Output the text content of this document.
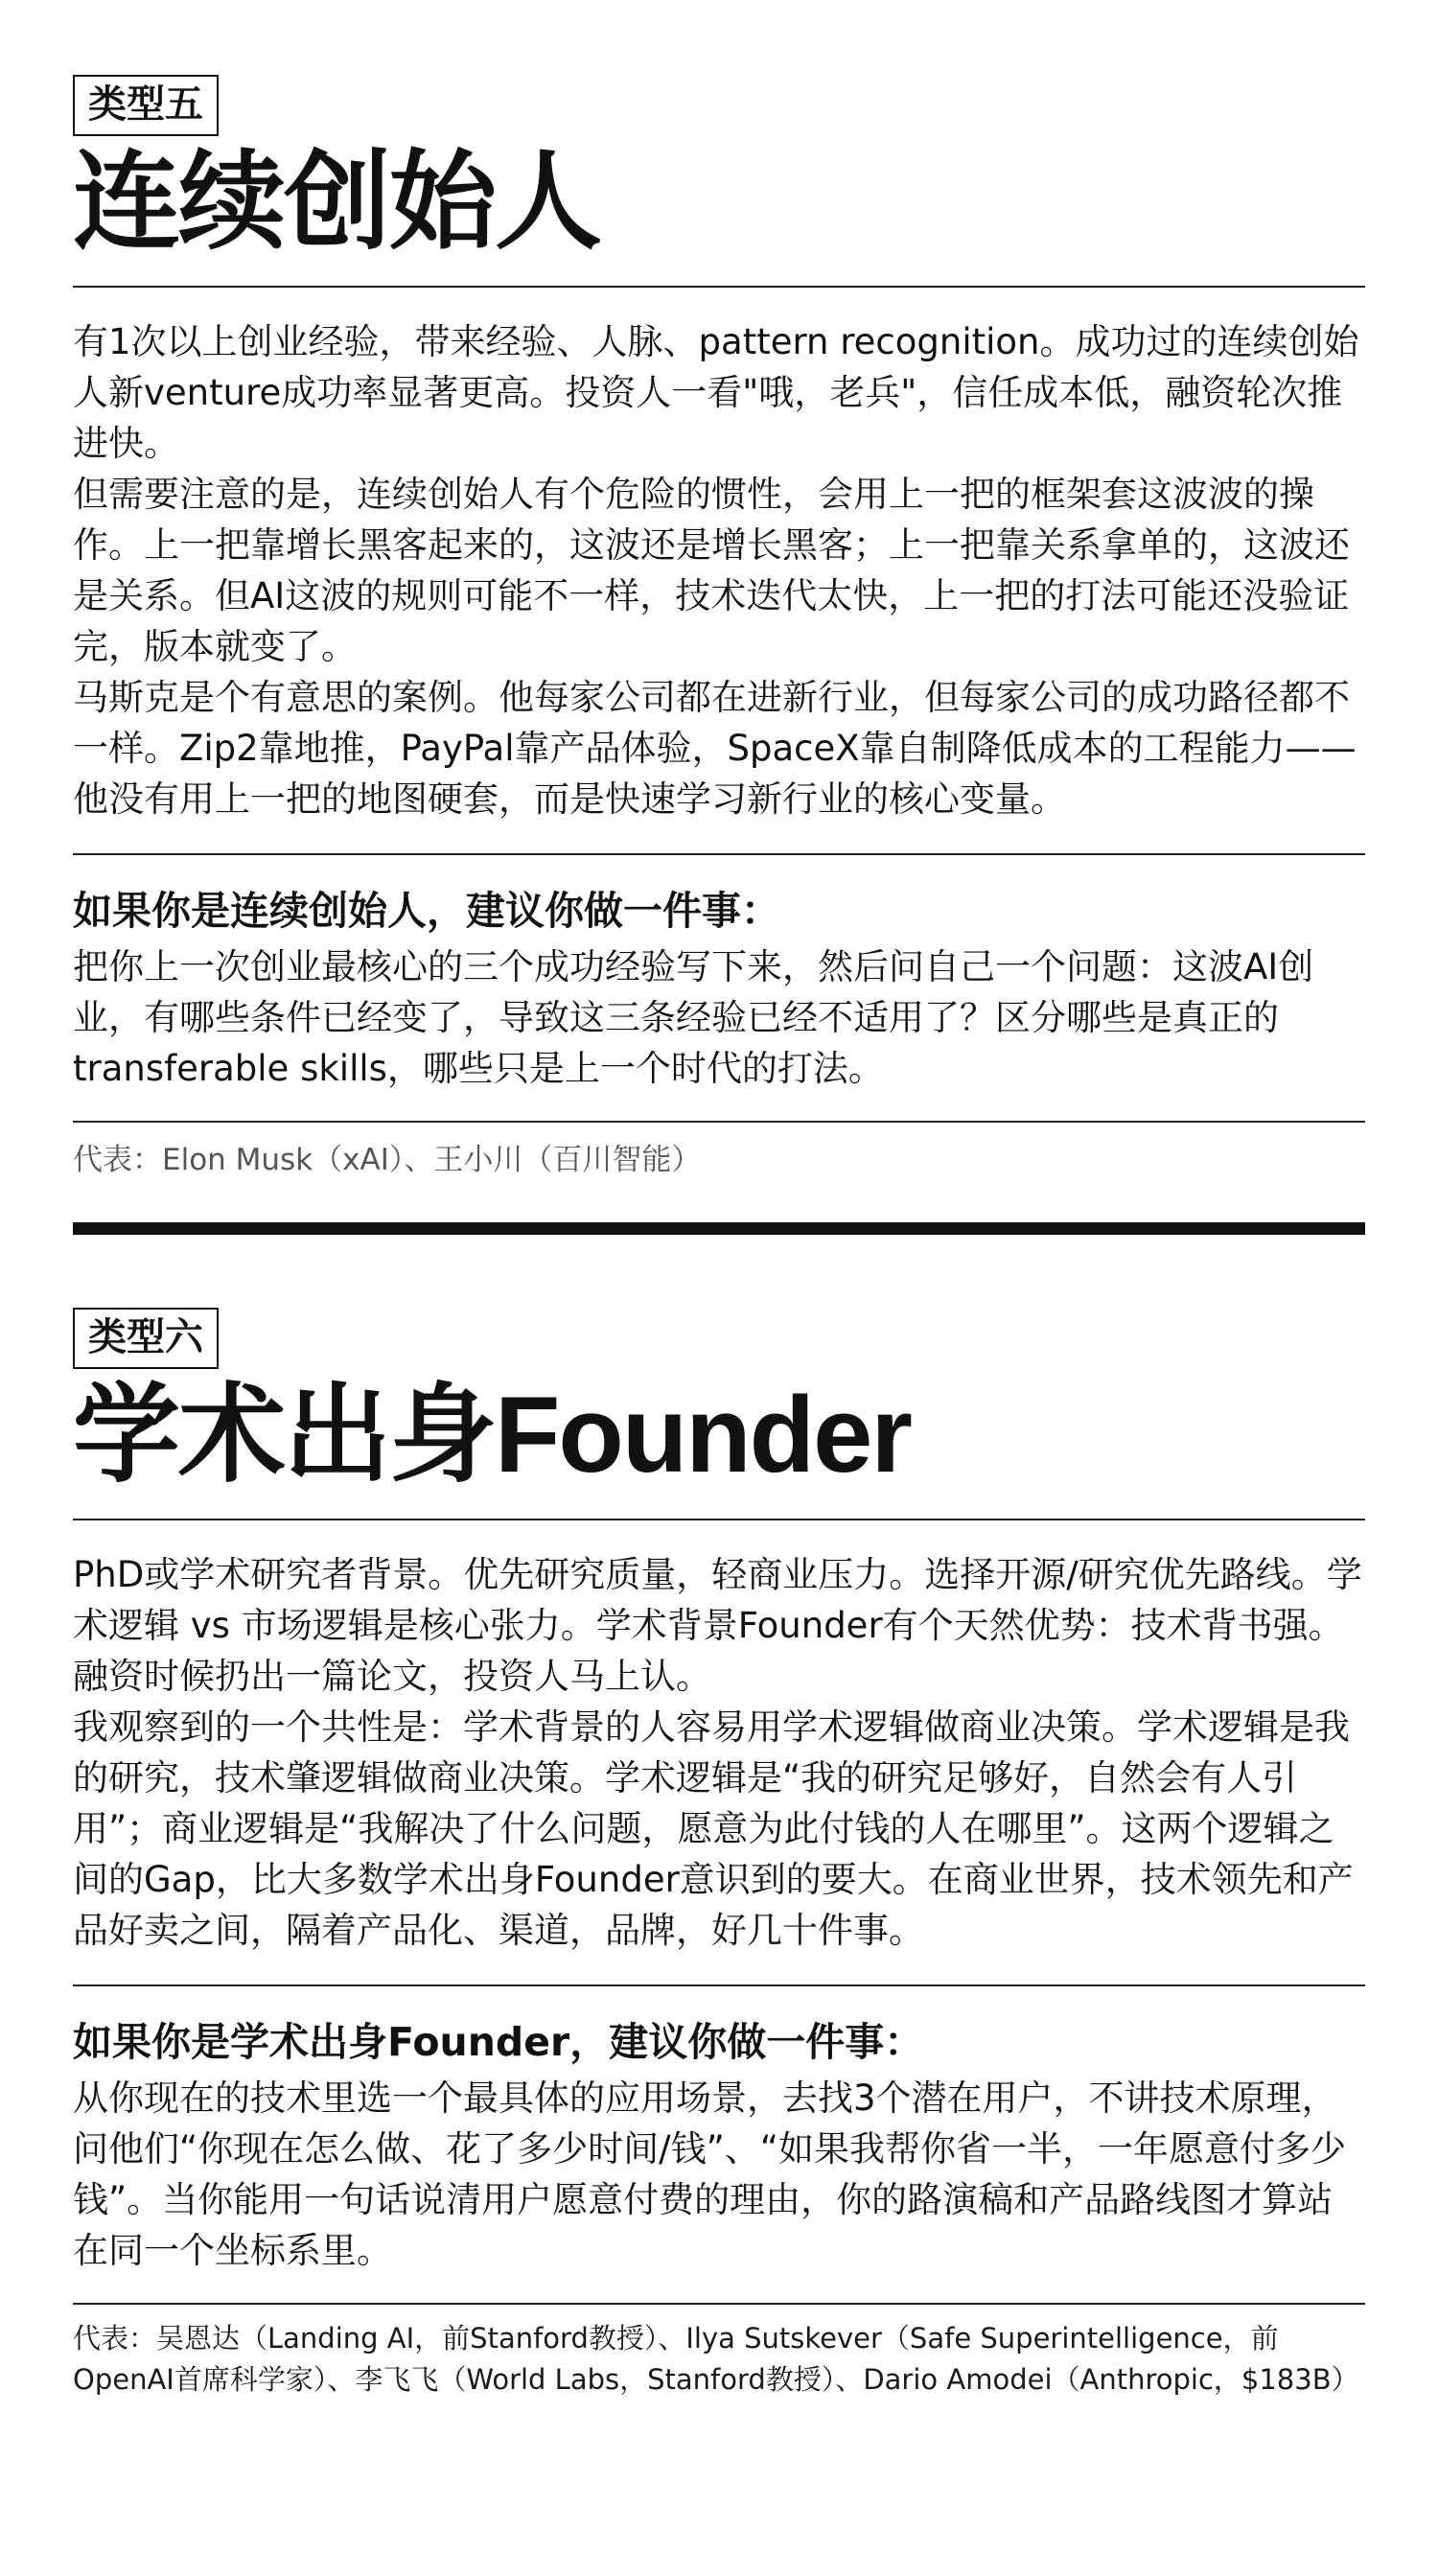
类型五
连续创始人

有1次以上创业经验，带来经验、人脉、pattern recognition。成功过的连续创始人新venture成功率显著更高。投资人一看"哦，老兵"，信任成本低，融资轮次推进快。

但需要注意的是，连续创始人有个危险的惯性，会用上一把的框架套这波波的操作。上一把靠增长黑客起来的，这波还是增长黑客；上一把靠关系拿单的，这波还是关系。但AI这波的规则可能不一样，技术迭代太快，上一把的打法可能还没验证完，版本就变了。

马斯克是个有意思的案例。他每家公司都在进新行业，但每家公司的成功路径都不一样。Zip2靠地推，PayPal靠产品体验，SpaceX靠自制降低成本的工程能力——他没有用上一把的地图硬套，而是快速学习新行业的核心变量。

如果你是连续创始人，建议你做一件事：

把你上一次创业最核心的三个成功经验写下来，然后问自己一个问题：这波AI创业，有哪些条件已经变了，导致这三条经验已经不适用了？区分哪些是真正的transferable skills，哪些只是上一个时代的打法。

代表：Elon Musk（xAI）、王小川（百川智能）

类型六
学术出身Founder

PhD或学术研究者背景。优先研究质量，轻商业压力。选择开源/研究优先路线。学术逻辑 vs 市场逻辑是核心张力。学术背景Founder有个天然优势：技术背书强。融资时候扔出一篇论文，投资人马上认。

我观察到的一个共性是：学术背景的人容易用学术逻辑做商业决策。学术逻辑是我的研究，技术肇逻辑做商业决策。学术逻辑是“我的研究足够好，自然会有人引用”；商业逻辑是“我解决了什么问题，愿意为此付钱的人在哪里”。这两个逻辑之间的Gap，比大多数学术出身Founder意识到的要大。在商业世界，技术领先和产品好卖之间，隔着产品化、渠道，品牌，好几十件事。

如果你是学术出身Founder，建议你做一件事：

从你现在的技术里选一个最具体的应用场景，去找3个潜在用户，不讲技术原理，问他们“你现在怎么做、花了多少时间/钱”、“如果我帮你省一半，一年愿意付多少钱”。当你能用一句话说清用户愿意付费的理由，你的路演稿和产品路线图才算站在同一个坐标系里。

代表：吴恩达（Landing AI，前Stanford教授）、Ilya Sutskever（Safe Superintelligence，前OpenAI首席科学家）、李飞飞（World Labs，Stanford教授）、Dario Amodei（Anthropic，$183B）
